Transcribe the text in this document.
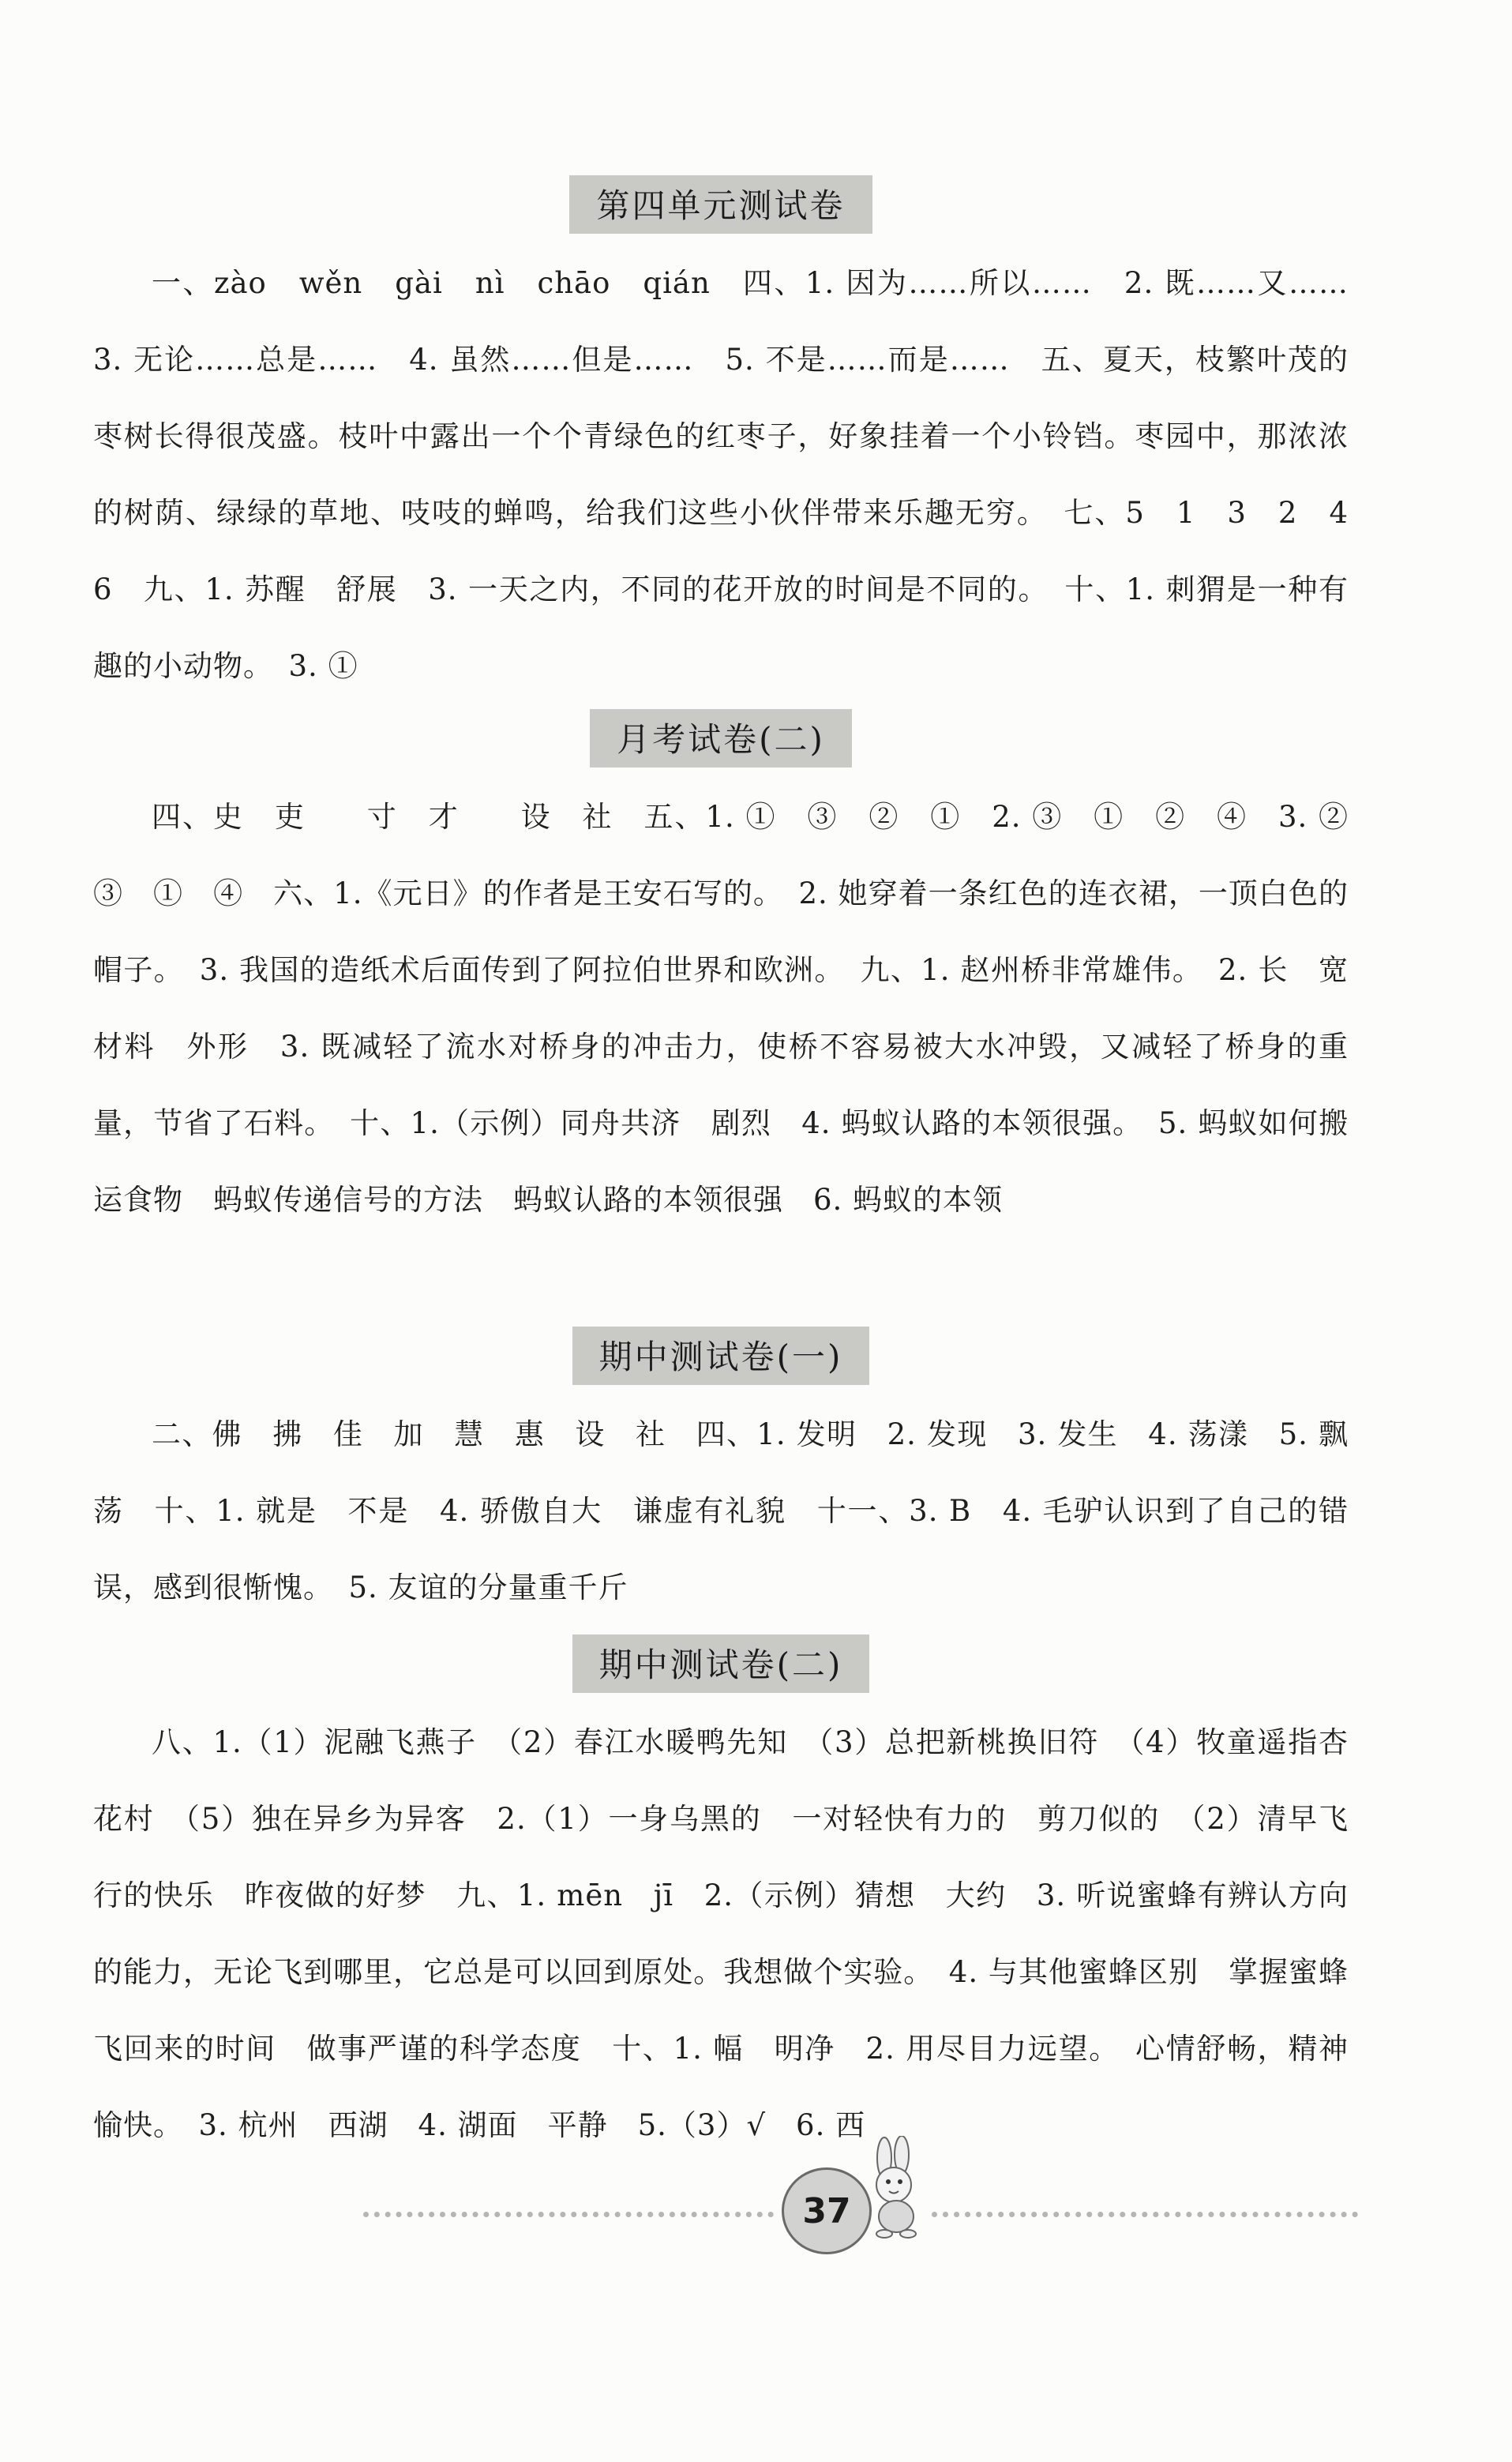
第四单元测试卷
一、zào　wěn　gài　nì　chāo　qián　四、1. 因为……所以……　2. 既……又……　3. 无论……总是……　4. 虽然……但是……　5. 不是……而是……　五、夏天，枝繁叶茂的枣树长得很茂盛。枝叶中露出一个个青绿色的红枣子，好象挂着一个小铃铛。枣园中，那浓浓的树荫、绿绿的草地、吱吱的蝉鸣，给我们这些小伙伴带来乐趣无穷。　七、5　1　3　2　4　6　九、1. 苏醒　舒展　3. 一天之内，不同的花开放的时间是不同的。　十、1. 刺猬是一种有趣的小动物。　3. ①
月考试卷(二)
四、史　吏　　寸　才　　设　社　五、1. ①　③　②　①　2. ③　①　②　④　3. ②　③　①　④　六、1.《元日》的作者是王安石写的。　2. 她穿着一条红色的连衣裙，一顶白色的帽子。　3. 我国的造纸术后面传到了阿拉伯世界和欧洲。　九、1. 赵州桥非常雄伟。　2. 长　宽　材料　外形　3. 既减轻了流水对桥身的冲击力，使桥不容易被大水冲毁，又减轻了桥身的重量，节省了石料。　十、1.（示例）同舟共济　剧烈　4. 蚂蚁认路的本领很强。　5. 蚂蚁如何搬运食物　蚂蚁传递信号的方法　蚂蚁认路的本领很强　6. 蚂蚁的本领
期中测试卷(一)
二、佛　拂　佳　加　慧　惠　设　社　四、1. 发明　2. 发现　3. 发生　4. 荡漾　5. 飘荡　十、1. 就是　不是　4. 骄傲自大　谦虚有礼貌　十一、3. B　4. 毛驴认识到了自己的错误，感到很惭愧。　5. 友谊的分量重千斤
期中测试卷(二)
八、1.（1）泥融飞燕子　（2）春江水暖鸭先知　（3）总把新桃换旧符　（4）牧童遥指杏花村　（5）独在异乡为异客　2.（1）一身乌黑的　一对轻快有力的　剪刀似的　（2）清早飞行的快乐　昨夜做的好梦　九、1. mēn　jī　2.（示例）猜想　大约　3. 听说蜜蜂有辨认方向的能力，无论飞到哪里，它总是可以回到原处。我想做个实验。　4. 与其他蜜蜂区别　掌握蜜蜂飞回来的时间　做事严谨的科学态度　十、1. 幅　明净　2. 用尽目力远望。　心情舒畅，精神愉快。　3. 杭州　西湖　4. 湖面　平静　5.（3）√　6. 西
37
